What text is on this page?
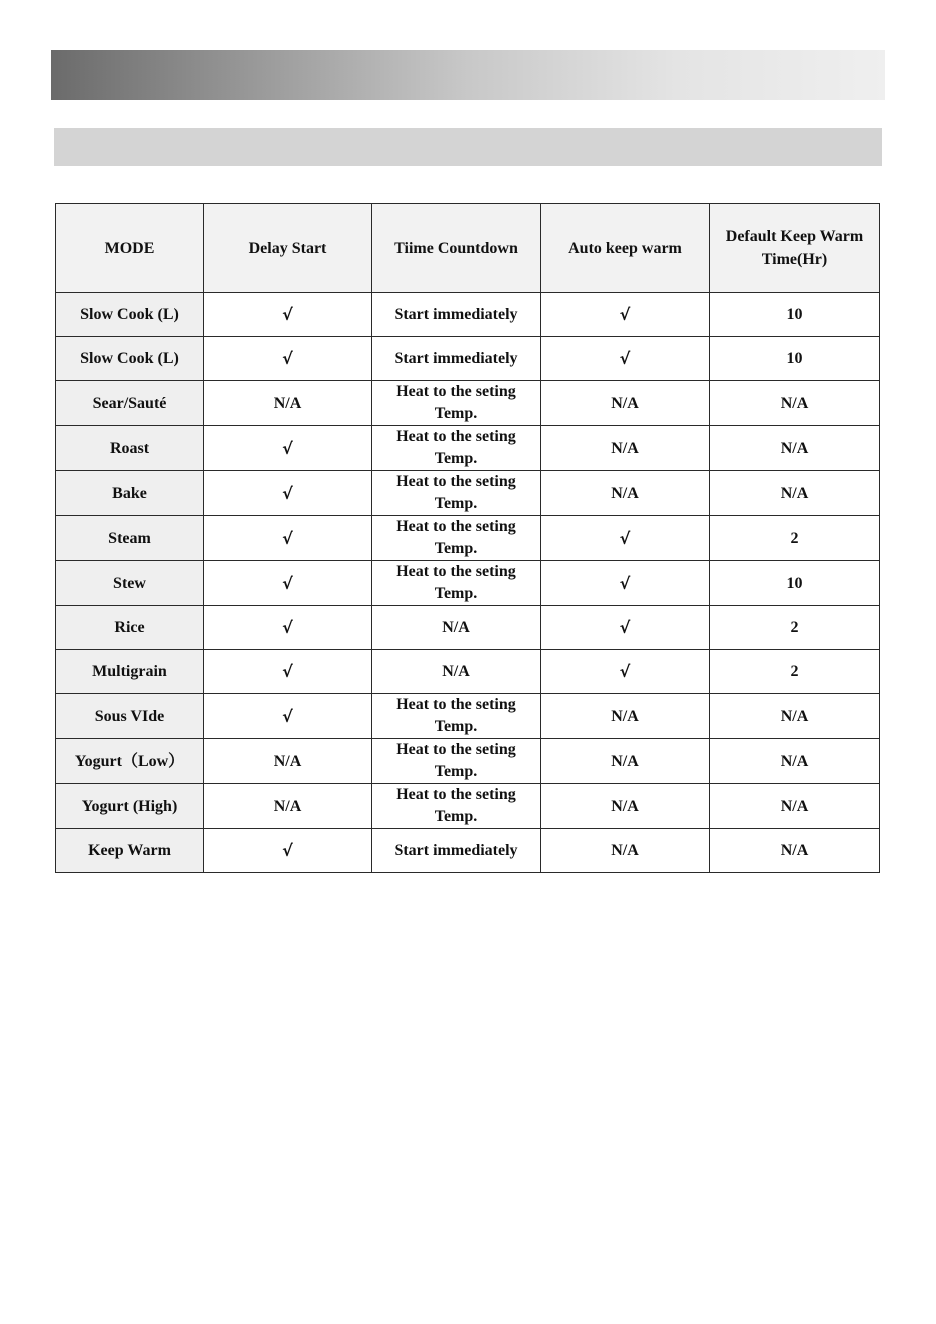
MODE	Delay Start	Tiime Countdown	Auto keep warm	Default Keep Warm Time(Hr)
Slow Cook (L)	√	Start immediately	√	10
Slow Cook (L)	√	Start immediately	√	10
Sear/Sauté	N/A	Heat to the seting Temp.	N/A	N/A
Roast	√	Heat to the seting Temp.	N/A	N/A
Bake	√	Heat to the seting Temp.	N/A	N/A
Steam	√	Heat to the seting Temp.	√	2
Stew	√	Heat to the seting Temp.	√	10
Rice	√	N/A	√	2
Multigrain	√	N/A	√	2
Sous VIde	√	Heat to the seting Temp.	N/A	N/A
Yogurt（Low）	N/A	Heat to the seting Temp.	N/A	N/A
Yogurt (High)	N/A	Heat to the seting Temp.	N/A	N/A
Keep Warm	√	Start immediately	N/A	N/A
